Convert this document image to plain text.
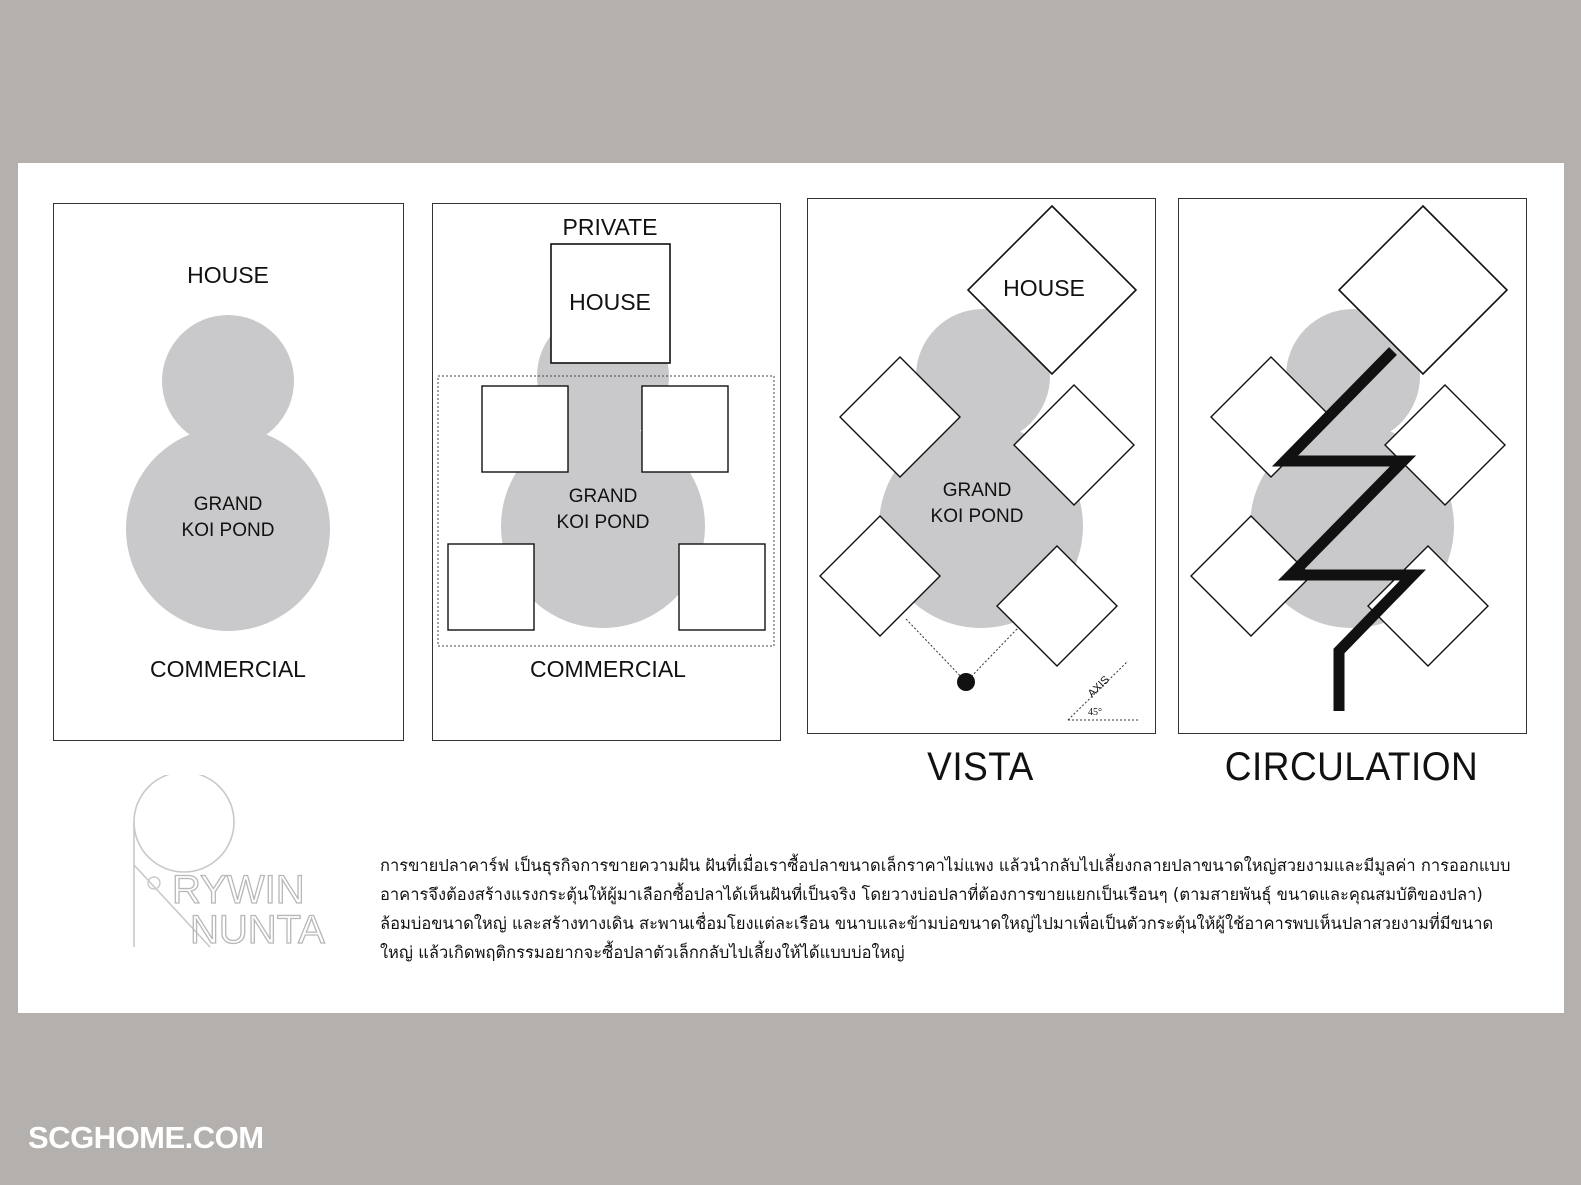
HOUSE
GRAND
KOI POND
COMMERCIAL
PRIVATE
HOUSE
GRAND
KOI POND
COMMERCIAL
AXIS
45°
HOUSE
GRAND
KOI POND
VISTA	CIRCULATION
RYWIN
NUNTA

การขายปลาคาร์ฟ เป็นธุรกิจการขายความฝัน ฝันที่เมื่อเราซื้อปลาขนาดเล็กราคาไม่แพง แล้วนำกลับไปเลี้ยงกลายปลาขนาดใหญ่สวยงามและมีมูลค่า การออกแบบ
อาคารจึงต้องสร้างแรงกระตุ้นให้ผู้มาเลือกซื้อปลาได้เห็นฝันที่เป็นจริง โดยวางบ่อปลาที่ต้องการขายแยกเป็นเรือนๆ (ตามสายพันธุ์ ขนาดและคุณสมบัติของปลา)
ล้อมบ่อขนาดใหญ่ และสร้างทางเดิน สะพานเชื่อมโยงแต่ละเรือน ขนาบและข้ามบ่อขนาดใหญ่ไปมาเพื่อเป็นตัวกระตุ้นให้ผู้ใช้อาคารพบเห็นปลาสวยงามที่มีขนาด
ใหญ่ แล้วเกิดพฤติกรรมอยากจะซื้อปลาตัวเล็กกลับไปเลี้ยงให้ได้แบบบ่อใหญ่

SCGHOME.COM
